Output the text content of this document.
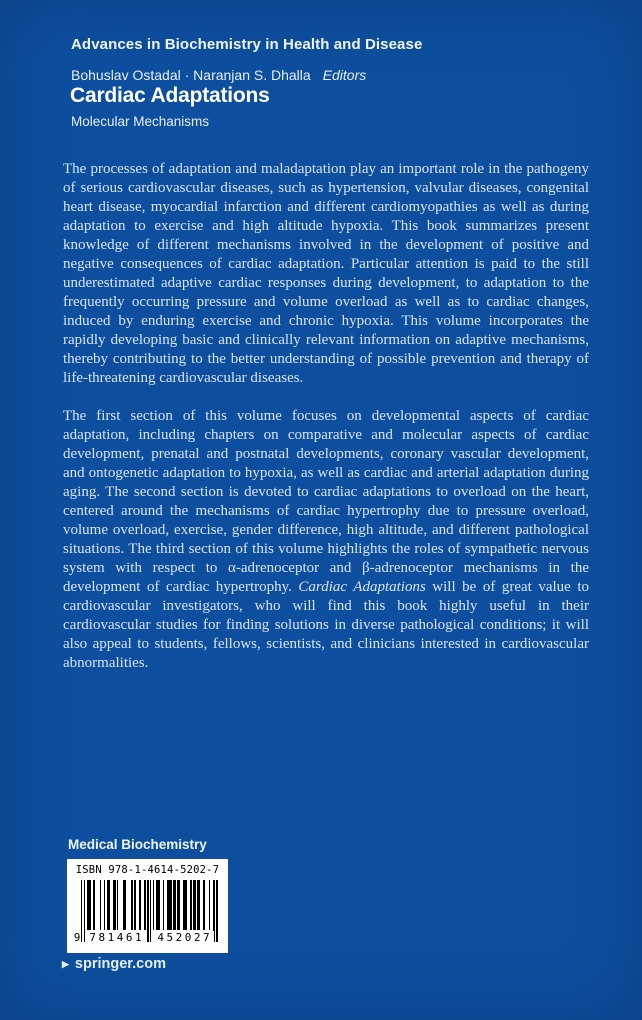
Advances in Biochemistry in Health and Disease
Bohuslav Ostadal · Naranjan S. Dhalla Editors
Cardiac Adaptations
Molecular Mechanisms

The processes of adaptation and maladaptation play an important role in the pathogeny of serious cardiovascular diseases, such as hypertension, valvular diseases, congenital heart disease, myocardial infarction and different cardiomyopathies as well as during adaptation to exercise and high altitude hypoxia. This book summarizes present knowledge of different mechanisms involved in the development of positive and negative consequences of cardiac adaptation. Particular attention is paid to the still underestimated adaptive cardiac responses during development, to adaptation to the frequently occurring pressure and volume overload as well as to cardiac changes, induced by enduring exercise and chronic hypoxia. This volume incorporates the rapidly developing basic and clinically relevant information on adaptive mechanisms, thereby contributing to the better understanding of possible prevention and therapy of life-threatening cardiovascular diseases.

The first section of this volume focuses on developmental aspects of cardiac adaptation, including chapters on comparative and molecular aspects of cardiac development, prenatal and postnatal developments, coronary vascular development, and ontogenetic adaptation to hypoxia, as well as cardiac and arterial adaptation during aging. The second section is devoted to cardiac adaptations to overload on the heart, centered around the mechanisms of cardiac hypertrophy due to pressure overload, volume overload, exercise, gender difference, high altitude, and different pathological situations. The third section of this volume highlights the roles of sympathetic nervous system with respect to α-adrenoceptor and β-adrenoceptor mechanisms in the development of cardiac hypertrophy. Cardiac Adaptations will be of great value to cardiovascular investigators, who will find this book highly useful in their cardiovascular studies for finding solutions in diverse pathological conditions; it will also appeal to students, fellows, scientists, and clinicians interested in cardiovascular abnormalities.

Medical Biochemistry
ISBN 978-1-4614-5202-7
9 781461	452027
▶ springer.com
